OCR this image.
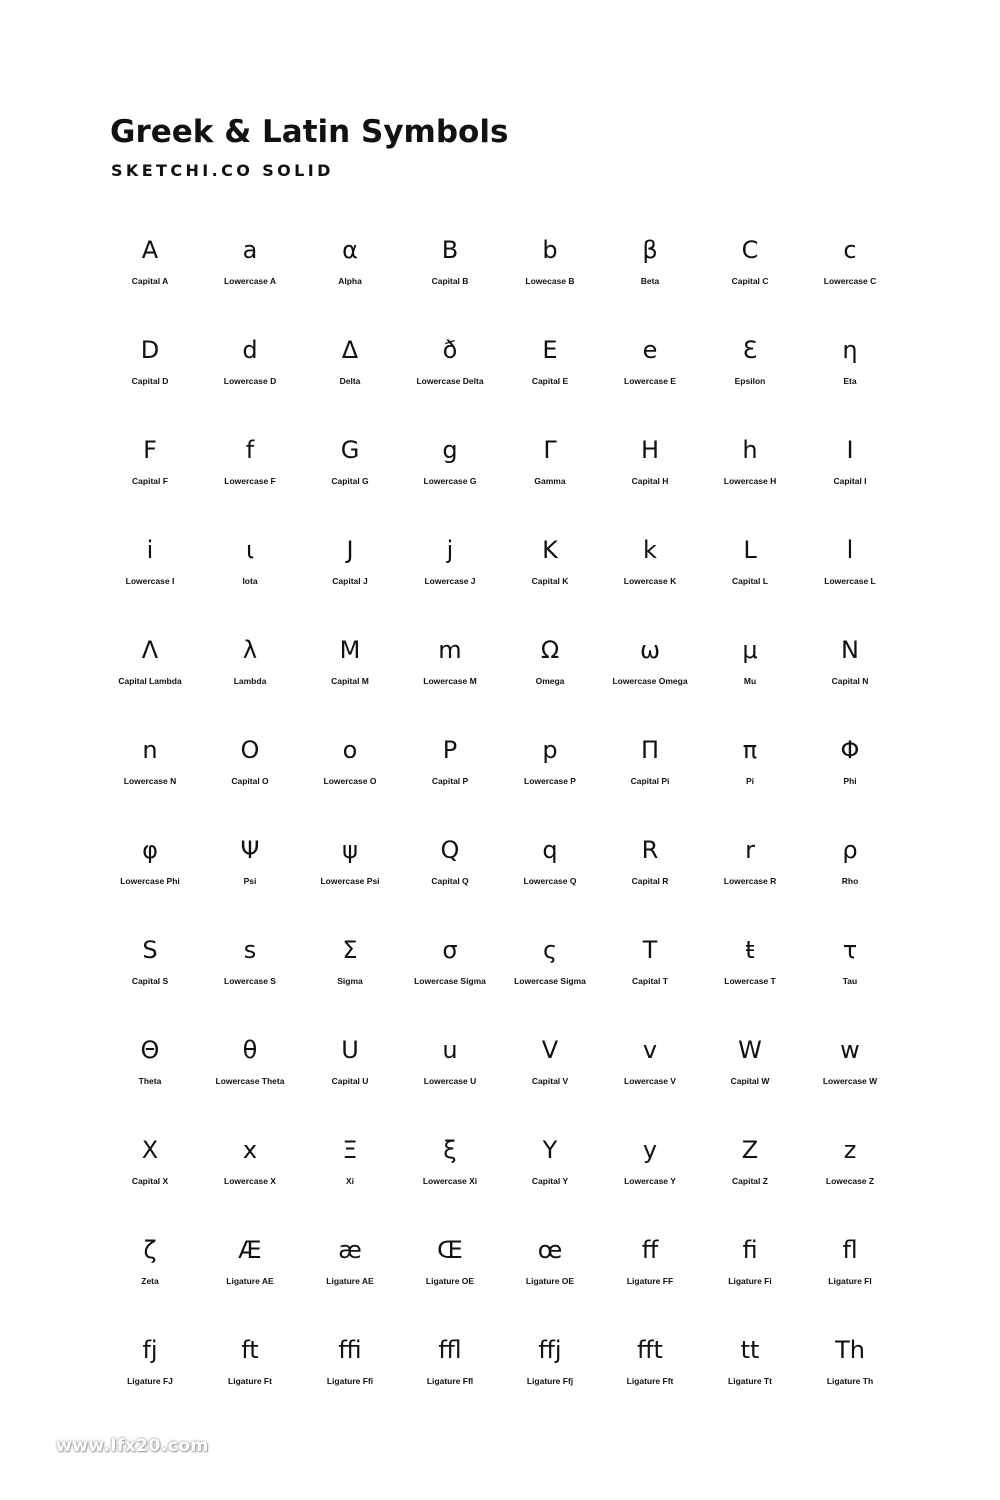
Greek & Latin Symbols
SKETCHI.CO SOLID
A
Capital A
a
Lowercase A
α
Alpha
B
Capital B
b
Lowecase B
β
Beta
C
Capital C
c
Lowercase C
D
Capital D
d
Lowercase D
Δ
Delta
ð
Lowercase Delta
E
Capital E
e
Lowercase E
Ɛ
Epsilon
η
Eta
F
Capital F
f
Lowercase F
G
Capital G
g
Lowercase G
Γ
Gamma
H
Capital H
h
Lowercase H
I
Capital I
i
Lowercase I
ι
Iota
J
Capital J
j
Lowercase J
K
Capital K
k
Lowercase K
L
Capital L
l
Lowercase L
Λ
Capital Lambda
λ
Lambda
M
Capital M
m
Lowercase M
Ω
Omega
ω
Lowercase Omega
μ
Mu
N
Capital N
n
Lowercase N
O
Capital O
o
Lowercase O
P
Capital P
p
Lowercase P
Π
Capital Pi
π
Pi
Φ
Phi
φ
Lowercase Phi
Ψ
Psi
ψ
Lowercase Psi
Q
Capital Q
q
Lowercase Q
R
Capital R
r
Lowercase R
ρ
Rho
S
Capital S
s
Lowercase S
Σ
Sigma
σ
Lowercase Sigma
ς
Lowercase Sigma
T
Capital T
ŧ
Lowercase T
τ
Tau
Θ
Theta
θ
Lowercase Theta
U
Capital U
u
Lowercase U
V
Capital V
v
Lowercase V
W
Capital W
w
Lowercase W
X
Capital X
x
Lowercase X
Ξ
Xi
ξ
Lowercase Xi
Y
Capital Y
y
Lowercase Y
Z
Capital Z
z
Lowecase Z
ζ
Zeta
Æ
Ligature AE
æ
Ligature AE
Œ
Ligature OE
œ
Ligature OE
ff
Ligature FF
fi
Ligature Fi
fl
Ligature Fl
fj
Ligature FJ
ft
Ligature Ft
ffi
Ligature Ffi
ffl
Ligature Ffl
ffj
Ligature Ffj
fft
Ligature Fft
tt
Ligature Tt
Th
Ligature Th
www.lfx20.com
